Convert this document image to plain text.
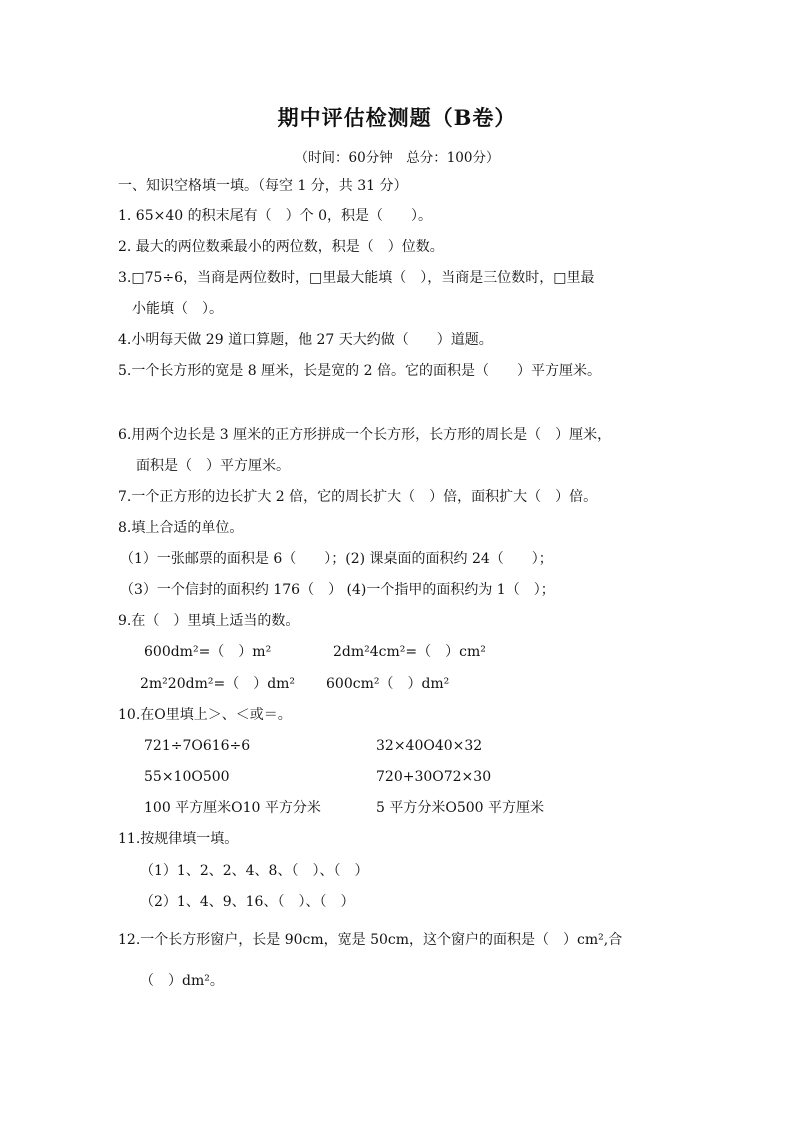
期中评估检测题（B卷）
（时间：60分钟　总分：100分）
一、知识空格填一填。（每空 1 分，共 31 分）
1. 65×40 的积末尾有（　）个 0，积是（　　）。
2. 最大的两位数乘最小的两位数，积是（　）位数。
3.□75÷6，当商是两位数时，□里最大能填（　），当商是三位数时，□里最
小能填（　）。
4.小明每天做 29 道口算题，他 27 天大约做（　　）道题。
5.一个长方形的宽是 8 厘米，长是宽的 2 倍。它的面积是（　　）平方厘米。
6.用两个边长是 3 厘米的正方形拼成一个长方形，长方形的周长是（　）厘米，
面积是（　）平方厘米。
7.一个正方形的边长扩大 2 倍，它的周长扩大（　）倍，面积扩大（　）倍。
8.填上合适的单位。
（1）一张邮票的面积是 6（　　）；(2) 课桌面的面积约 24（　　）；
（3）一个信封的面积约 176（　） (4)一个指甲的面积约为 1（　）；
9.在（　）里填上适当的数。
600dm²=（　）m²	2dm²4cm²=（　）cm²
2m²20dm²=（　）dm² 600cm²（　）dm²
10.在O里填上＞、＜或＝。
721÷7O616÷6	32×40O40×32
55×10O500	720+30O72×30
100 平方厘米O10 平方分米	5 平方分米O500 平方厘米
11.按规律填一填。
（1）1、2、2、4、8、（　）、（　）
（2）1、4、9、16、（　）、（　）
12.一个长方形窗户，长是 90cm，宽是 50cm，这个窗户的面积是（　）cm²,合
（　）dm²。
